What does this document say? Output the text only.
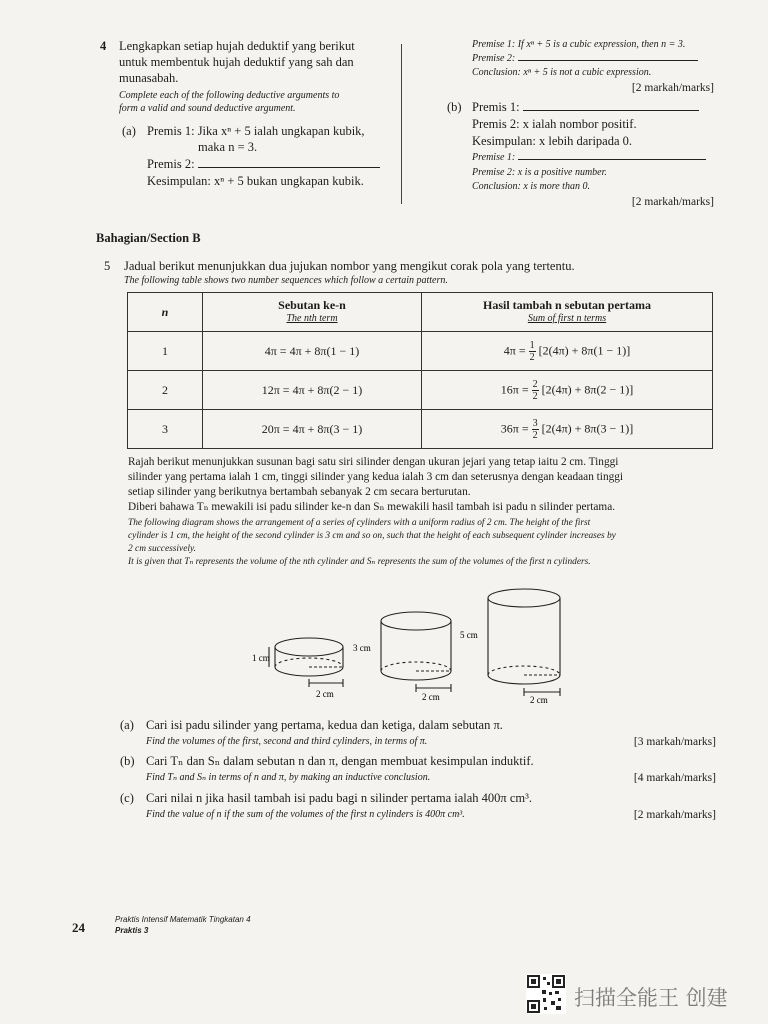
4 Lengkapkan setiap hujah deduktif yang berikut
untuk membentuk hujah deduktif yang sah dan
munasabah.
Complete each of the following deductive arguments to
form a valid and sound deductive argument.
(a) Premis 1: Jika xⁿ + 5 ialah ungkapan kubik,
maka n = 3.
Premis 2:
Kesimpulan: xⁿ + 5 bukan ungkapan kubik.
Premise 1: If xⁿ + 5 is a cubic expression, then n = 3.
Premise 2:
Conclusion: xⁿ + 5 is not a cubic expression.
[2 markah/marks]
(b) Premis 1:
Premis 2: x ialah nombor positif.
Kesimpulan: x lebih daripada 0.
Premise 1:
Premise 2: x is a positive number.
Conclusion: x is more than 0.
[2 markah/marks]
Bahagian/Section B
5 Jadual berikut menunjukkan dua jujukan nombor yang mengikut corak pola yang tertentu.
The following table shows two number sequences which follow a certain pattern.
n	Sebutan ke-n
The nth term	Hasil tambah n sebutan pertama
Sum of first n terms

1	4π = 4π + 8π(1 − 1)	$4\pi = \frac{1}{2} [2(4\pi) + 8\pi(1 - 1)]$
2	12π = 4π + 8π(2 − 1)	$16\pi = \frac{2}{2} [2(4\pi) + 8\pi(2 - 1)]$
3	20π = 4π + 8π(3 − 1)	$36\pi = \frac{3}{2} [2(4\pi) + 8\pi(3 - 1)]$
Rajah berikut menunjukkan susunan bagi satu siri silinder dengan ukuran jejari yang tetap iaitu 2 cm. Tinggi
silinder yang pertama ialah 1 cm, tinggi silinder yang kedua ialah 3 cm dan seterusnya dengan keadaan tinggi
setiap silinder yang berikutnya bertambah sebanyak 2 cm secara berturutan.
Diberi bahawa Tₙ mewakili isi padu silinder ke-n dan Sₙ mewakili hasil tambah isi padu n silinder pertama.
The following diagram shows the arrangement of a series of cylinders with a uniform radius of 2 cm. The height of the first
cylinder is 1 cm, the height of the second cylinder is 3 cm and so on, such that the height of each subsequent cylinder increases by
2 cm successively.
It is given that Tₙ represents the volume of the nth cylinder and Sₙ represents the sum of the volumes of the first n cylinders.
1 cm
3 cm
5 cm
2 cm	2 cm	2 cm
(a) Cari isi padu silinder yang pertama, kedua dan ketiga, dalam sebutan π.
Find the volumes of the first, second and third cylinders, in terms of π.	[3 markah/marks]
(b) Cari Tₙ dan Sₙ dalam sebutan n dan π, dengan membuat kesimpulan induktif.
Find Tₙ and Sₙ in terms of n and π, by making an inductive conclusion.	[4 markah/marks]
(c) Cari nilai n jika hasil tambah isi padu bagi n silinder pertama ialah 400π cm³.
Find the value of n if the sum of the volumes of the first n cylinders is 400π cm³.	[2 markah/marks]
24
Praktis Intensif Matematik Tingkatan 4
Praktis 3
扫描全能王 创建
